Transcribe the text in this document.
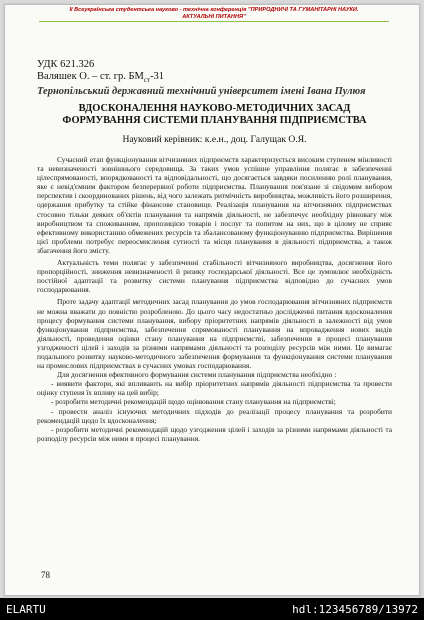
ІІ Всеукраїнська студентська науково - технічна конференція "ПРИРОДНИЧІ ТА ГУМАНІТАРНІ НАУКИ.
АКТУАЛЬНІ ПИТАННЯ"
УДК 621.326
Валяшек О. – ст. гр. $БМ_{ст}-31$
Тернопільський державний технічний університет імені Івана Пулюя
ВДОСКОНАЛЕННЯ НАУКОВО-МЕТОДИЧНИХ ЗАСАД
ФОРМУВАННЯ СИСТЕМИ ПЛАНУВАННЯ ПІДПРИЄМСТВА
Науковий керівник: к.е.н., доц. Галущак О.Я.

Сучасний етап функціонування вітчизняних підприємств характеризується високим ступенем мінливості та невизначеності зовнішнього середовища. За таких умов успішне управління полягає в забезпеченні цілеспрямованості, впорядкованості та відповідальності, що досягається завдяки посиленню ролі планування, яке є невід'ємним фактором безперервної роботи підприємства. Планування пов'язане зі свідомим вибором перспектив і скоординованих рішень, від чого залежать ритмічність виробництва, можливість його розширення, одержання прибутку та стійке фінансове становище. Реалізація планування на вітчизняних підприємствах стосовно тільки деяких об'єктів планування та напрямів діяльності, не забезпечує необхідну рівновагу між виробництвом та споживанням, пропозицією товарів і послуг та попитом на них, що в цілому не сприяє ефективному використанню обмежених ресурсів та збалансованому функціонуванню підприємства. Вирішення цієї проблеми потребує переосмислення сутності та місця планування в діяльності підприємства, а також збагачення його змісту.

Актуальність теми полягає у забезпеченні стабільності вітчизняного виробництва, досягнення його пропорційності, зниження невизначеності й ризику господарської діяльності. Все це зумовлює необхідність постійної адаптації та розвитку системи планування підприємства відповідно до сучасних умов господарювання.

Проте задачу адаптації методичних засад планування до умов господарювання вітчизняних підприємств не можна вважати до повністю розробленою. До цього часу недостатньо дослідженні питання вдосконалення процесу формування системи планування, вибору пріоритетних напрямів діяльності в залежності від умов функціонування підприємства, забезпечення спрямованості планування на впровадження нових видів діяльності, проведення оцінки стану планування на підприємстві, забезпечення в процесі планування узгодженості цілей і заходів за різними напрямами діяльності та розподілу ресурсів між ними. Це вимагає подальшого розвитку науково-методичного забезпечення формування та функціонування системи планування на промислових підприємствах в сучасних умовах господарювання.

Для досягнення ефективного формування системи планування підприємства необхідно :

- виявити фактори, які впливають на вибір пріоритетних напрямів діяльності підприємства та провести оцінку ступеня їх впливу на цей вибір;

- розробити методичні рекомендацій щодо оцінювання стану планування на підприємстві;

- провести аналіз існуючих методичних підходів до реалізації процесу планування та розробити рекомендацій щодо їх вдосконалення;

- розробити методичні рекомендацій щодо узгодження цілей і заходів за різними напрямами діяльності та розподілу ресурсів між ними в процесі планування.

78
ELARTU	hdl:123456789/13972
